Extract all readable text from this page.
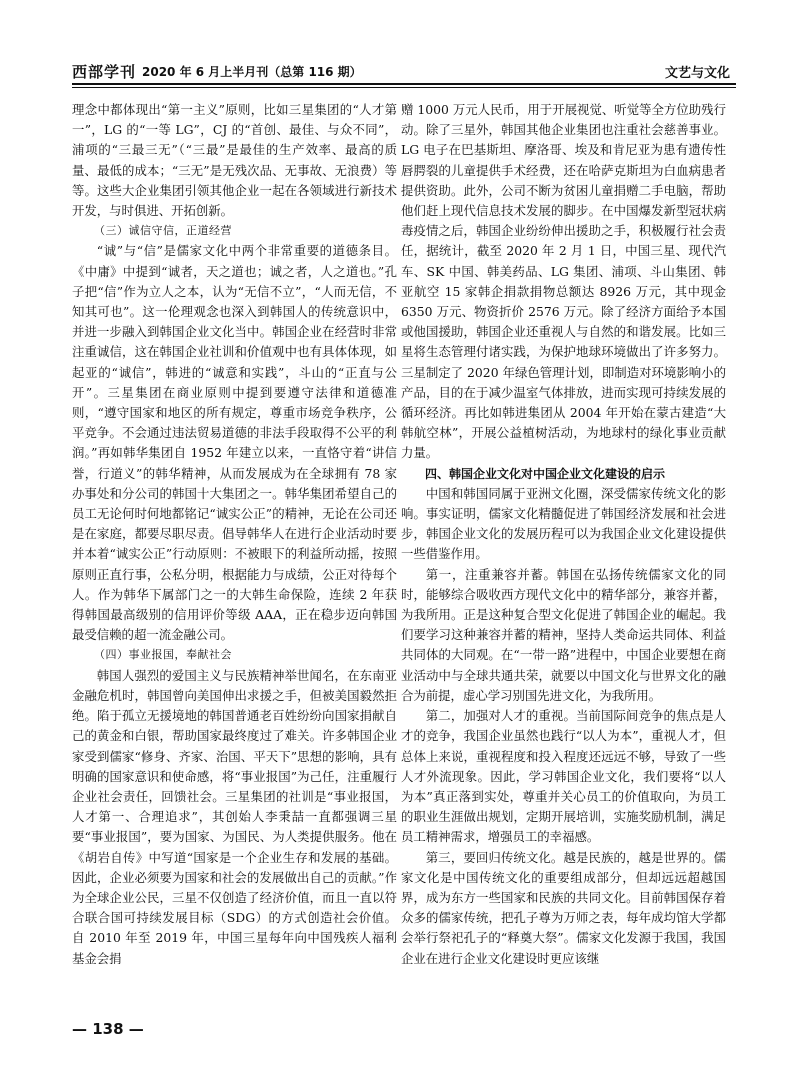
西部学刊 2020 年 6 月上半月刊（总第 116 期）	文艺与文化

理念中都体现出“第一主义”原则，比如三星集团的“人才第一”，LG 的“一等 LG”，CJ 的“首创、最佳、与众不同”，浦项的“三最三无”（“三最”是最佳的生产效率、最高的质量、最低的成本；“三无”是无残次品、无事故、无浪费）等等。这些大企业集团引领其他企业一起在各领域进行新技术开发，与时俱进、开拓创新。

（三）诚信守信，正道经营

“诚”与“信”是儒家文化中两个非常重要的道德条目。《中庸》中提到“诚者，天之道也；诚之者，人之道也。”孔子把“信”作为立人之本，认为“无信不立”，“人而无信，不知其可也”。这一伦理观念也深入到韩国人的传统意识中，并进一步融入到韩国企业文化当中。韩国企业在经营时非常注重诚信，这在韩国企业社训和价值观中也有具体体现，如起亚的“诚信”，韩进的“诚意和实践”，斗山的“正直与公开”。三星集团在商业原则中提到要遵守法律和道德准则，“遵守国家和地区的所有规定，尊重市场竞争秩序，公平竞争。不会通过违法贸易道德的非法手段取得不公平的利润。”再如韩华集团自 1952 年建立以来，一直恪守着“讲信誉，行道义”的韩华精神，从而发展成为在全球拥有 78 家办事处和分公司的韩国十大集团之一。韩华集团希望自己的员工无论何时何地都铭记“诚实公正”的精神，无论在公司还是在家庭，都要尽职尽责。倡导韩华人在进行企业活动时要并本着“诚实公正”行动原则：不被眼下的利益所动摇，按照原则正直行事，公私分明，根据能力与成绩，公正对待每个人。作为韩华下属部门之一的大韩生命保险，连续 2 年获得韩国最高级别的信用评价等级 AAA，正在稳步迈向韩国最受信赖的超一流金融公司。

（四）事业报国，奉献社会

韩国人强烈的爱国主义与民族精神举世闻名，在东南亚金融危机时，韩国曾向美国伸出求援之手，但被美国毅然拒绝。陷于孤立无援境地的韩国普通老百姓纷纷向国家捐献自己的黄金和白银，帮助国家最终度过了难关。许多韩国企业家受到儒家“修身、齐家、治国、平天下”思想的影响，具有明确的国家意识和使命感，将“事业报国”为己任，注重履行企业社会责任，回馈社会。三星集团的社训是“事业报国，人才第一、合理追求”，其创始人李秉喆一直都强调三星要“事业报国”，要为国家、为国民、为人类提供服务。他在《胡岩自传》中写道“国家是一个企业生存和发展的基础。因此，企业必须要为国家和社会的发展做出自己的贡献。”作为全球企业公民，三星不仅创造了经济价值，而且一直以符合联合国可持续发展目标（SDG）的方式创造社会价值。自 2010 年至 2019 年，中国三星每年向中国残疾人福利基金会捐

赠 1000 万元人民币，用于开展视觉、听觉等全方位助残行动。除了三星外，韩国其他企业集团也注重社会慈善事业。LG 电子在巴基斯坦、摩洛哥、埃及和肯尼亚为患有遗传性唇腭裂的儿童提供手术经费，还在哈萨克斯坦为白血病患者提供资助。此外，公司不断为贫困儿童捐赠二手电脑，帮助他们赶上现代信息技术发展的脚步。在中国爆发新型冠状病毒疫情之后，韩国企业纷纷伸出援助之手，积极履行社会责任，据统计，截至 2020 年 2 月 1 日，中国三星、现代汽车、SK 中国、韩美药品、LG 集团、浦项、斗山集团、韩亚航空 15 家韩企捐款捐物总额达 8926 万元，其中现金 6350 万元、物资折价 2576 万元。除了经济方面给予本国或他国援助，韩国企业还重视人与自然的和谐发展。比如三星将生态管理付诸实践，为保护地球环境做出了许多努力。三星制定了 2020 年绿色管理计划，即制造对环境影响小的产品，目的在于减少温室气体排放，进而实现可持续发展的循环经济。再比如韩进集团从 2004 年开始在蒙古建造“大韩航空林”，开展公益植树活动，为地球村的绿化事业贡献力量。

四、韩国企业文化对中国企业文化建设的启示

中国和韩国同属于亚洲文化圈，深受儒家传统文化的影响。事实证明，儒家文化精髓促进了韩国经济发展和社会进步，韩国企业文化的发展历程可以为我国企业文化建设提供一些借鉴作用。

第一，注重兼容并蓄。韩国在弘扬传统儒家文化的同时，能够综合吸收西方现代文化中的精华部分，兼容并蓄，为我所用。正是这种复合型文化促进了韩国企业的崛起。我们要学习这种兼容并蓄的精神，坚持人类命运共同体、利益共同体的大同观。在“一带一路”进程中，中国企业要想在商业活动中与全球共通共荣，就要以中国文化与世界文化的融合为前提，虚心学习别国先进文化，为我所用。

第二，加强对人才的重视。当前国际间竞争的焦点是人才的竞争，我国企业虽然也践行“以人为本”，重视人才，但总体上来说，重视程度和投入程度还远远不够，导致了一些人才外流现象。因此，学习韩国企业文化，我们要将“以人为本”真正落到实处，尊重并关心员工的价值取向，为员工的职业生涯做出规划，定期开展培训，实施奖励机制，满足员工精神需求，增强员工的幸福感。

第三，要回归传统文化。越是民族的，越是世界的。儒家文化是中国传统文化的重要组成部分，但却远远超越国界，成为东方一些国家和民族的共同文化。目前韩国保存着众多的儒家传统，把孔子尊为万师之表，每年成均馆大学都会举行祭祀孔子的“释奠大祭”。儒家文化发源于我国，我国企业在进行企业文化建设时更应该继

— 138 —
